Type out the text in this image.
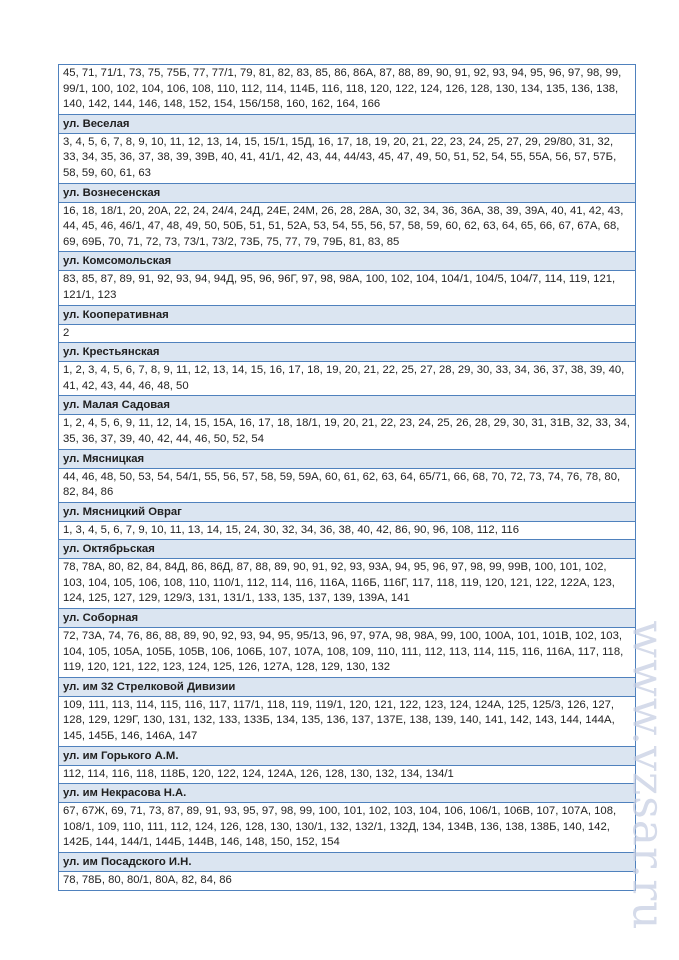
45, 71, 71/1, 73, 75, 75Б, 77, 77/1, 79, 81, 82, 83, 85, 86, 86А, 87, 88, 89, 90, 91, 92, 93, 94, 95, 96, 97, 98, 99, 99/1, 100, 102, 104, 106, 108, 110, 112, 114, 114Б, 116, 118, 120, 122, 124, 126, 128, 130, 134, 135, 136, 138, 140, 142, 144, 146, 148, 152, 154, 156/158, 160, 162, 164, 166
ул. Веселая
3, 4, 5, 6, 7, 8, 9, 10, 11, 12, 13, 14, 15, 15/1, 15Д, 16, 17, 18, 19, 20, 21, 22, 23, 24, 25, 27, 29, 29/80, 31, 32, 33, 34, 35, 36, 37, 38, 39, 39В, 40, 41, 41/1, 42, 43, 44, 44/43, 45, 47, 49, 50, 51, 52, 54, 55, 55А, 56, 57, 57Б, 58, 59, 60, 61, 63
ул. Вознесенская
16, 18, 18/1, 20, 20А, 22, 24, 24/4, 24Д, 24Е, 24М, 26, 28, 28А, 30, 32, 34, 36, 36А, 38, 39, 39А, 40, 41, 42, 43, 44, 45, 46, 46/1, 47, 48, 49, 50, 50Б, 51, 51, 52А, 53, 54, 55, 56, 57, 58, 59, 60, 62, 63, 64, 65, 66, 67, 67А, 68, 69, 69Б, 70, 71, 72, 73, 73/1, 73/2, 73Б, 75, 77, 79, 79Б, 81, 83, 85
ул. Комсомольская
83, 85, 87, 89, 91, 92, 93, 94, 94Д, 95, 96, 96Г, 97, 98, 98А, 100, 102, 104, 104/1, 104/5, 104/7, 114, 119, 121, 121/1, 123
ул. Кооперативная
2
ул. Крестьянская
1, 2, 3, 4, 5, 6, 7, 8, 9, 11, 12, 13, 14, 15, 16, 17, 18, 19, 20, 21, 22, 25, 27, 28, 29, 30, 33, 34, 36, 37, 38, 39, 40, 41, 42, 43, 44, 46, 48, 50
ул. Малая Садовая
1, 2, 4, 5, 6, 9, 11, 12, 14, 15, 15А, 16, 17, 18, 18/1, 19, 20, 21, 22, 23, 24, 25, 26, 28, 29, 30, 31, 31В, 32, 33, 34, 35, 36, 37, 39, 40, 42, 44, 46, 50, 52, 54
ул. Мясницкая
44, 46, 48, 50, 53, 54, 54/1, 55, 56, 57, 58, 59, 59А, 60, 61, 62, 63, 64, 65/71, 66, 68, 70, 72, 73, 74, 76, 78, 80, 82, 84, 86
ул. Мясницкий Овраг
1, 3, 4, 5, 6, 7, 9, 10, 11, 13, 14, 15, 24, 30, 32, 34, 36, 38, 40, 42, 86, 90, 96, 108, 112, 116
ул. Октябрьская
78, 78А, 80, 82, 84, 84Д, 86, 86Д, 87, 88, 89, 90, 91, 92, 93, 93А, 94, 95, 96, 97, 98, 99, 99В, 100, 101, 102, 103, 104, 105, 106, 108, 110, 110/1, 112, 114, 116, 116А, 116Б, 116Г, 117, 118, 119, 120, 121, 122, 122А, 123, 124, 125, 127, 129, 129/3, 131, 131/1, 133, 135, 137, 139, 139А, 141
ул. Соборная
72, 73А, 74, 76, 86, 88, 89, 90, 92, 93, 94, 95, 95/13, 96, 97, 97А, 98, 98А, 99, 100, 100А, 101, 101В, 102, 103, 104, 105, 105А, 105Б, 105В, 106, 106Б, 107, 107А, 108, 109, 110, 111, 112, 113, 114, 115, 116, 116А, 117, 118, 119, 120, 121, 122, 123, 124, 125, 126, 127А, 128, 129, 130, 132
ул. им 32 Стрелковой Дивизии
109, 111, 113, 114, 115, 116, 117, 117/1, 118, 119, 119/1, 120, 121, 122, 123, 124, 124А, 125, 125/3, 126, 127, 128, 129, 129Г, 130, 131, 132, 133, 133Б, 134, 135, 136, 137, 137Е, 138, 139, 140, 141, 142, 143, 144, 144А, 145, 145Б, 146, 146А, 147
ул. им Горького А.М.
112, 114, 116, 118, 118Б, 120, 122, 124, 124А, 126, 128, 130, 132, 134, 134/1
ул. им Некрасова Н.А.
67, 67Ж, 69, 71, 73, 87, 89, 91, 93, 95, 97, 98, 99, 100, 101, 102, 103, 104, 106, 106/1, 106В, 107, 107А, 108, 108/1, 109, 110, 111, 112, 124, 126, 128, 130, 130/1, 132, 132/1, 132Д, 134, 134В, 136, 138, 138Б, 140, 142, 142Б, 144, 144/1, 144Б, 144В, 146, 148, 150, 152, 154
ул. им Посадского И.Н.
78, 78Б, 80, 80/1, 80А, 82, 84, 86	www.vzsar.ru
